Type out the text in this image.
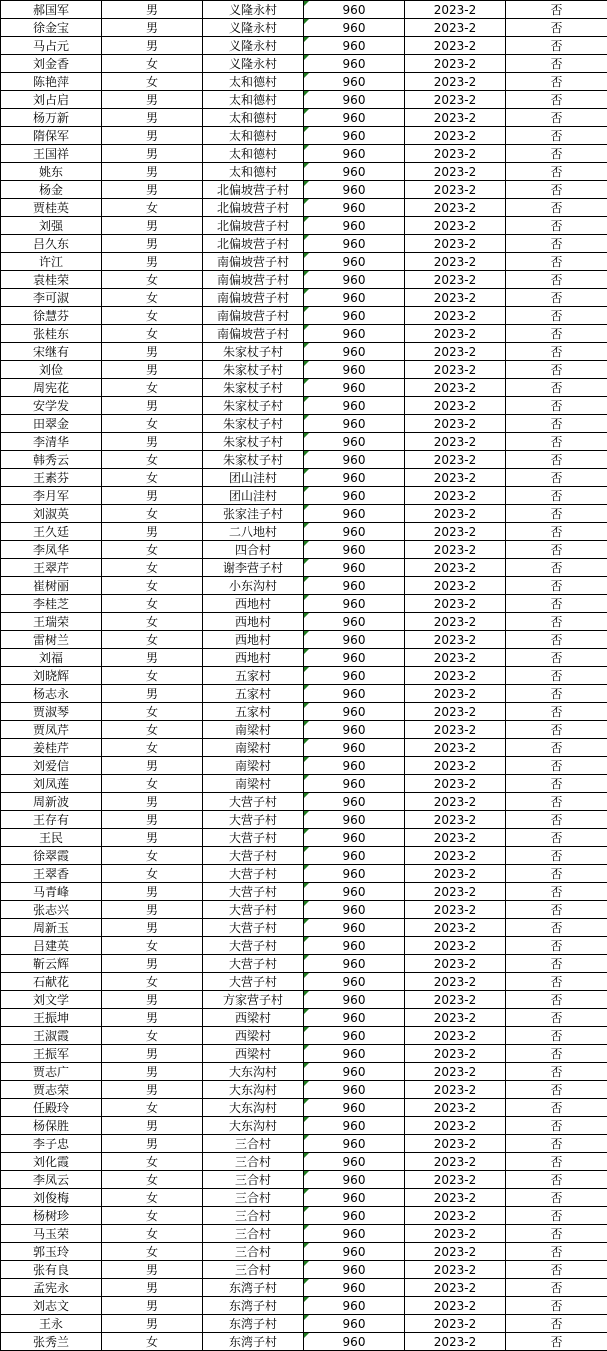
郝国军	男	义隆永村	960	2023-2	否
徐金宝	男	义隆永村	960	2023-2	否
马占元	男	义隆永村	960	2023-2	否
刘金香	女	义隆永村	960	2023-2	否
陈艳萍	女	太和德村	960	2023-2	否
刘占启	男	太和德村	960	2023-2	否
杨万新	男	太和德村	960	2023-2	否
隋保军	男	太和德村	960	2023-2	否
王国祥	男	太和德村	960	2023-2	否
姚东	男	太和德村	960	2023-2	否
杨金	男	北偏坡营子村	960	2023-2	否
贾桂英	女	北偏坡营子村	960	2023-2	否
刘强	男	北偏坡营子村	960	2023-2	否
吕久东	男	北偏坡营子村	960	2023-2	否
许江	男	南偏坡营子村	960	2023-2	否
袁桂荣	女	南偏坡营子村	960	2023-2	否
李可淑	女	南偏坡营子村	960	2023-2	否
徐慧芬	女	南偏坡营子村	960	2023-2	否
张桂东	女	南偏坡营子村	960	2023-2	否
宋继有	男	朱家杖子村	960	2023-2	否
刘俭	男	朱家杖子村	960	2023-2	否
周宪花	女	朱家杖子村	960	2023-2	否
安学发	男	朱家杖子村	960	2023-2	否
田翠金	女	朱家杖子村	960	2023-2	否
李清华	男	朱家杖子村	960	2023-2	否
韩秀云	女	朱家杖子村	960	2023-2	否
王素芬	女	团山洼村	960	2023-2	否
李月军	男	团山洼村	960	2023-2	否
刘淑英	女	张家洼子村	960	2023-2	否
王久廷	男	二八地村	960	2023-2	否
李凤华	女	四合村	960	2023-2	否
王翠芹	女	谢李营子村	960	2023-2	否
崔树丽	女	小东沟村	960	2023-2	否
李桂芝	女	西地村	960	2023-2	否
王瑞荣	女	西地村	960	2023-2	否
雷树兰	女	西地村	960	2023-2	否
刘福	男	西地村	960	2023-2	否
刘晓辉	女	五家村	960	2023-2	否
杨志永	男	五家村	960	2023-2	否
贾淑琴	女	五家村	960	2023-2	否
贾凤芹	女	南梁村	960	2023-2	否
姜桂芹	女	南梁村	960	2023-2	否
刘爱信	男	南梁村	960	2023-2	否
刘凤莲	女	南梁村	960	2023-2	否
周新波	男	大营子村	960	2023-2	否
王存有	男	大营子村	960	2023-2	否
王民	男	大营子村	960	2023-2	否
徐翠霞	女	大营子村	960	2023-2	否
王翠香	女	大营子村	960	2023-2	否
马青峰	男	大营子村	960	2023-2	否
张志兴	男	大营子村	960	2023-2	否
周新玉	男	大营子村	960	2023-2	否
吕建英	女	大营子村	960	2023-2	否
靳云辉	男	大营子村	960	2023-2	否
石献花	女	大营子村	960	2023-2	否
刘文学	男	方家营子村	960	2023-2	否
王振坤	男	西梁村	960	2023-2	否
王淑霞	女	西梁村	960	2023-2	否
王振军	男	西梁村	960	2023-2	否
贾志广	男	大东沟村	960	2023-2	否
贾志荣	男	大东沟村	960	2023-2	否
任殿玲	女	大东沟村	960	2023-2	否
杨保胜	男	大东沟村	960	2023-2	否
李子忠	男	三合村	960	2023-2	否
刘化霞	女	三合村	960	2023-2	否
李凤云	女	三合村	960	2023-2	否
刘俊梅	女	三合村	960	2023-2	否
杨树珍	女	三合村	960	2023-2	否
马玉荣	女	三合村	960	2023-2	否
郭玉玲	女	三合村	960	2023-2	否
张有良	男	三合村	960	2023-2	否
孟宪永	男	东湾子村	960	2023-2	否
刘志文	男	东湾子村	960	2023-2	否
王永	男	东湾子村	960	2023-2	否
张秀兰	女	东湾子村	960	2023-2	否
